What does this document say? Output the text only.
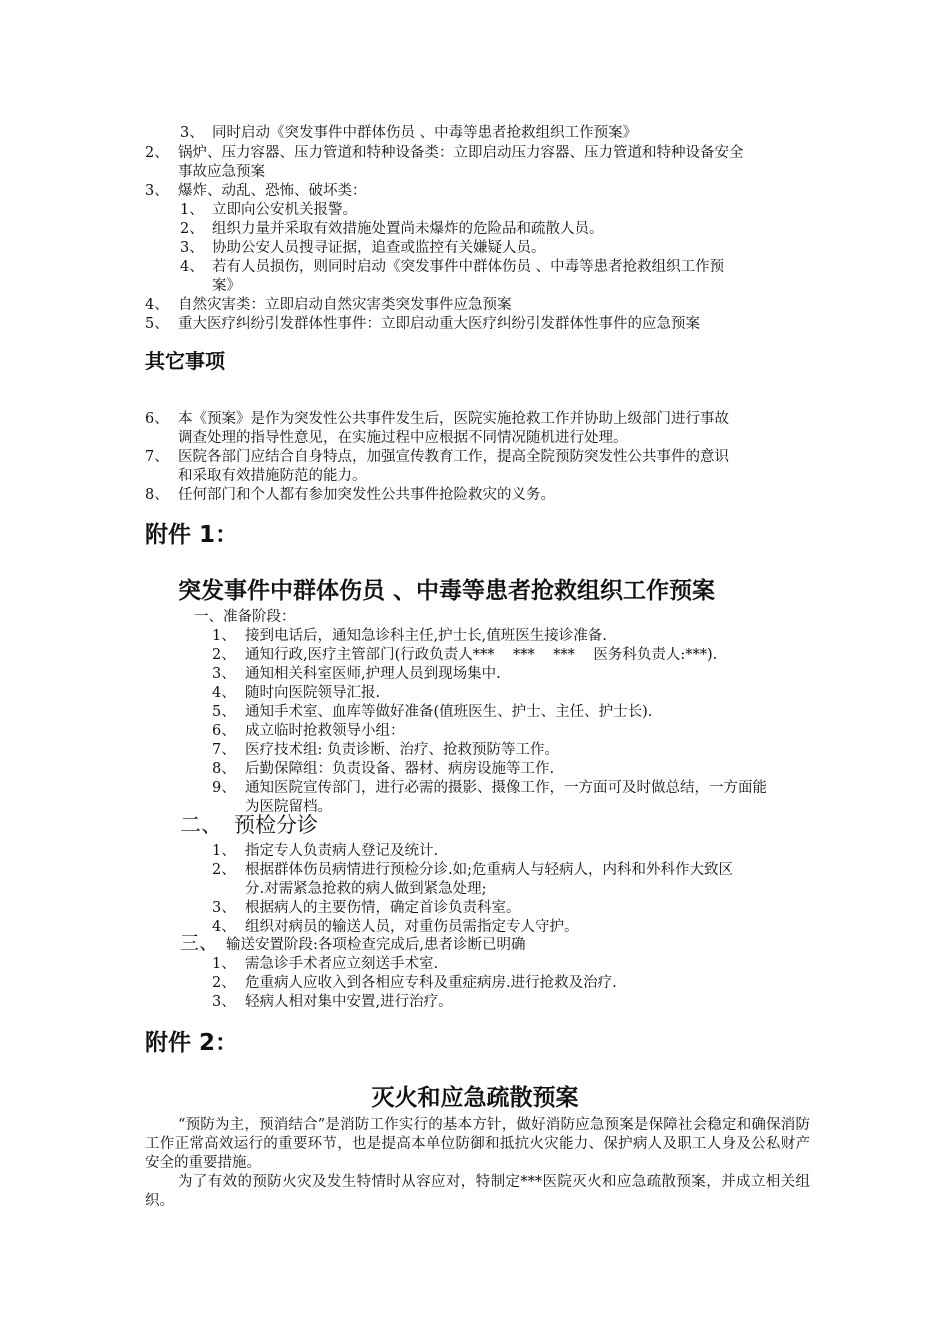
3、 同时启动《突发事件中群体伤员 、中毒等患者抢救组织工作预案》
2、 锅炉、压力容器、压力管道和特种设备类：立即启动压力容器、压力管道和特种设备安全
事故应急预案
3、 爆炸、动乱、恐怖、破坏类：
1、 立即向公安机关报警。
2、 组织力量并采取有效措施处置尚未爆炸的危险品和疏散人员。
3、 协助公安人员搜寻证据，追查或监控有关嫌疑人员。
4、 若有人员损伤，则同时启动《突发事件中群体伤员 、中毒等患者抢救组织工作预
案》
4、 自然灾害类：立即启动自然灾害类突发事件应急预案
5、 重大医疗纠纷引发群体性事件：立即启动重大医疗纠纷引发群体性事件的应急预案
其它事项
6、 本《预案》是作为突发性公共事件发生后，医院实施抢救工作并协助上级部门进行事故
调查处理的指导性意见，在实施过程中应根据不同情况随机进行处理。
7、 医院各部门应结合自身特点，加强宣传教育工作，提高全院预防突发性公共事件的意识
和采取有效措施防范的能力。
8、 任何部门和个人都有参加突发性公共事件抢险救灾的义务。
附件 1：
突发事件中群体伤员 、中毒等患者抢救组织工作预案
一、准备阶段：
1、 接到电话后，通知急诊科主任,护士长,值班医生接诊准备.
2、 通知行政,医疗主管部门(行政负责人***    ***    ***    医务科负责人:***).
3、 通知相关科室医师,护理人员到现场集中.
4、 随时向医院领导汇报.
5、 通知手术室、血库等做好准备(值班医生、护士、主任、护士长).
6、 成立临时抢救领导小组：
7、 医疗技术组: 负责诊断、治疗、抢救预防等工作。
8、 后勤保障组：负责设备、器材、病房设施等工作.
9、 通知医院宣传部门，进行必需的摄影、摄像工作，一方面可及时做总结，一方面能
为医院留档。
二、 预检分诊
1、 指定专人负责病人登记及统计.
2、 根据群体伤员病情进行预检分诊.如;危重病人与轻病人，内科和外科作大致区
分.对需紧急抢救的病人做到紧急处理;
3、 根据病人的主要伤情，确定首诊负责科室。
4、 组织对病员的输送人员，对重伤员需指定专人守护。
三、 输送安置阶段:各项检查完成后,患者诊断已明确
1、 需急诊手术者应立刻送手术室.
2、 危重病人应收入到各相应专科及重症病房.进行抢救及治疗.
3、 轻病人相对集中安置,进行治疗。
附件 2：
灭火和应急疏散预案
“预防为主，预消结合”是消防工作实行的基本方针，做好消防应急预案是保障社会稳定和确保消防工作正常高效运行的重要环节，也是提高本单位防御和抵抗火灾能力、保护病人及职工人身及公私财产安全的重要措施。
为了有效的预防火灾及发生特情时从容应对，特制定***医院灭火和应急疏散预案，并成立相关组织。
